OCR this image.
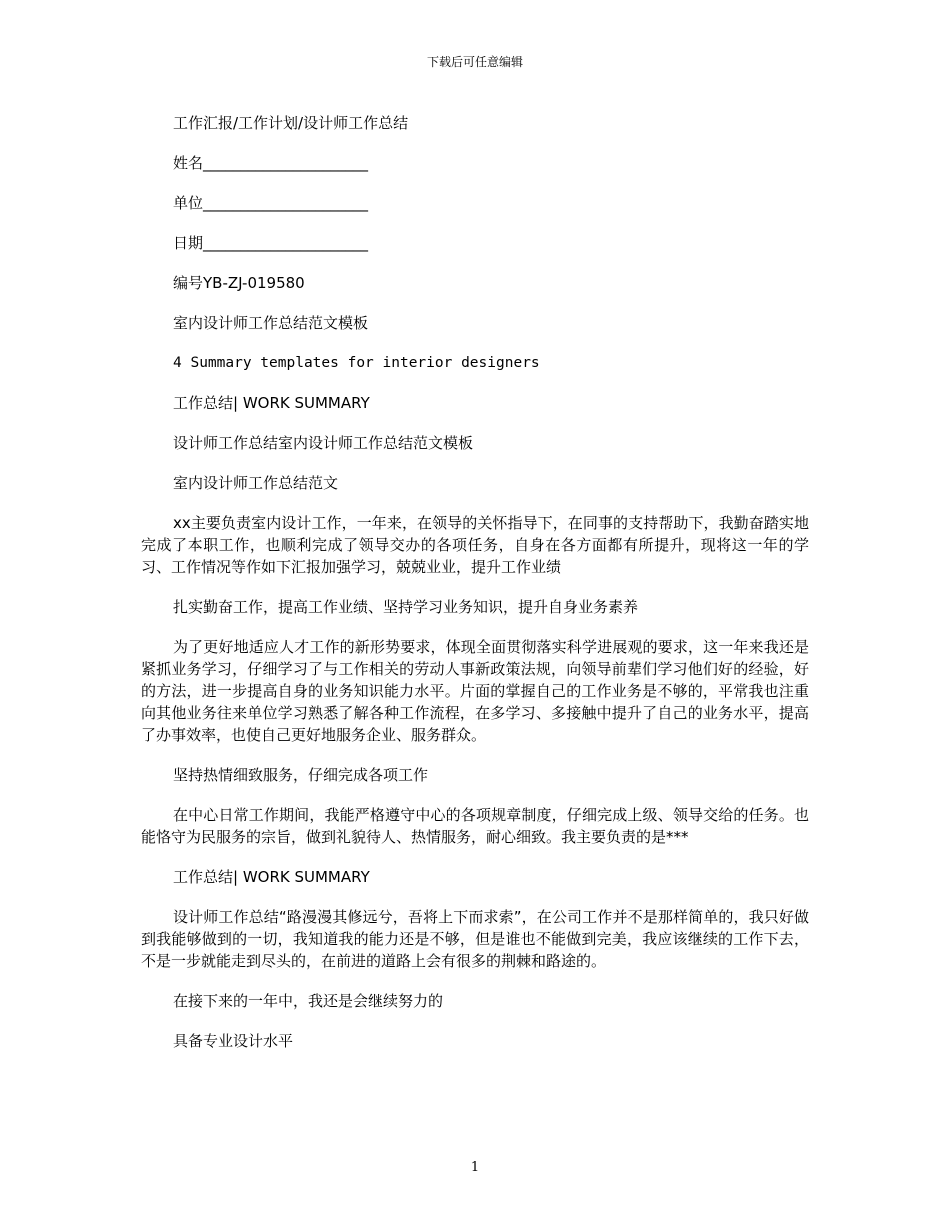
下载后可任意编辑
工作汇报/工作计划/设计师工作总结
姓名______________________
单位______________________
日期______________________
编号YB-ZJ-019580
室内设计师工作总结范文模板
4 Summary templates for interior designers
工作总结| WORK SUMMARY
设计师工作总结室内设计师工作总结范文模板
室内设计师工作总结范文
xx主要负责室内设计工作，一年来，在领导的关怀指导下，在同事的支持帮助下，我勤奋踏实地完成了本职工作，也顺利完成了领导交办的各项任务，自身在各方面都有所提升，现将这一年的学习、工作情况等作如下汇报加强学习，兢兢业业，提升工作业绩
扎实勤奋工作，提高工作业绩、坚持学习业务知识，提升自身业务素养
为了更好地适应人才工作的新形势要求，体现全面贯彻落实科学进展观的要求，这一年来我还是紧抓业务学习，仔细学习了与工作相关的劳动人事新政策法规，向领导前辈们学习他们好的经验，好的方法，进一步提高自身的业务知识能力水平。片面的掌握自己的工作业务是不够的，平常我也注重向其他业务往来单位学习熟悉了解各种工作流程，在多学习、多接触中提升了自己的业务水平，提高了办事效率，也使自己更好地服务企业、服务群众。
坚持热情细致服务，仔细完成各项工作
在中心日常工作期间，我能严格遵守中心的各项规章制度，仔细完成上级、领导交给的任务。也能恪守为民服务的宗旨，做到礼貌待人、热情服务，耐心细致。我主要负责的是***
工作总结| WORK SUMMARY
设计师工作总结“路漫漫其修远兮，吾将上下而求索”，在公司工作并不是那样简单的，我只好做到我能够做到的一切，我知道我的能力还是不够，但是谁也不能做到完美，我应该继续的工作下去，不是一步就能走到尽头的，在前进的道路上会有很多的荆棘和路途的。
在接下来的一年中，我还是会继续努力的
具备专业设计水平
1
